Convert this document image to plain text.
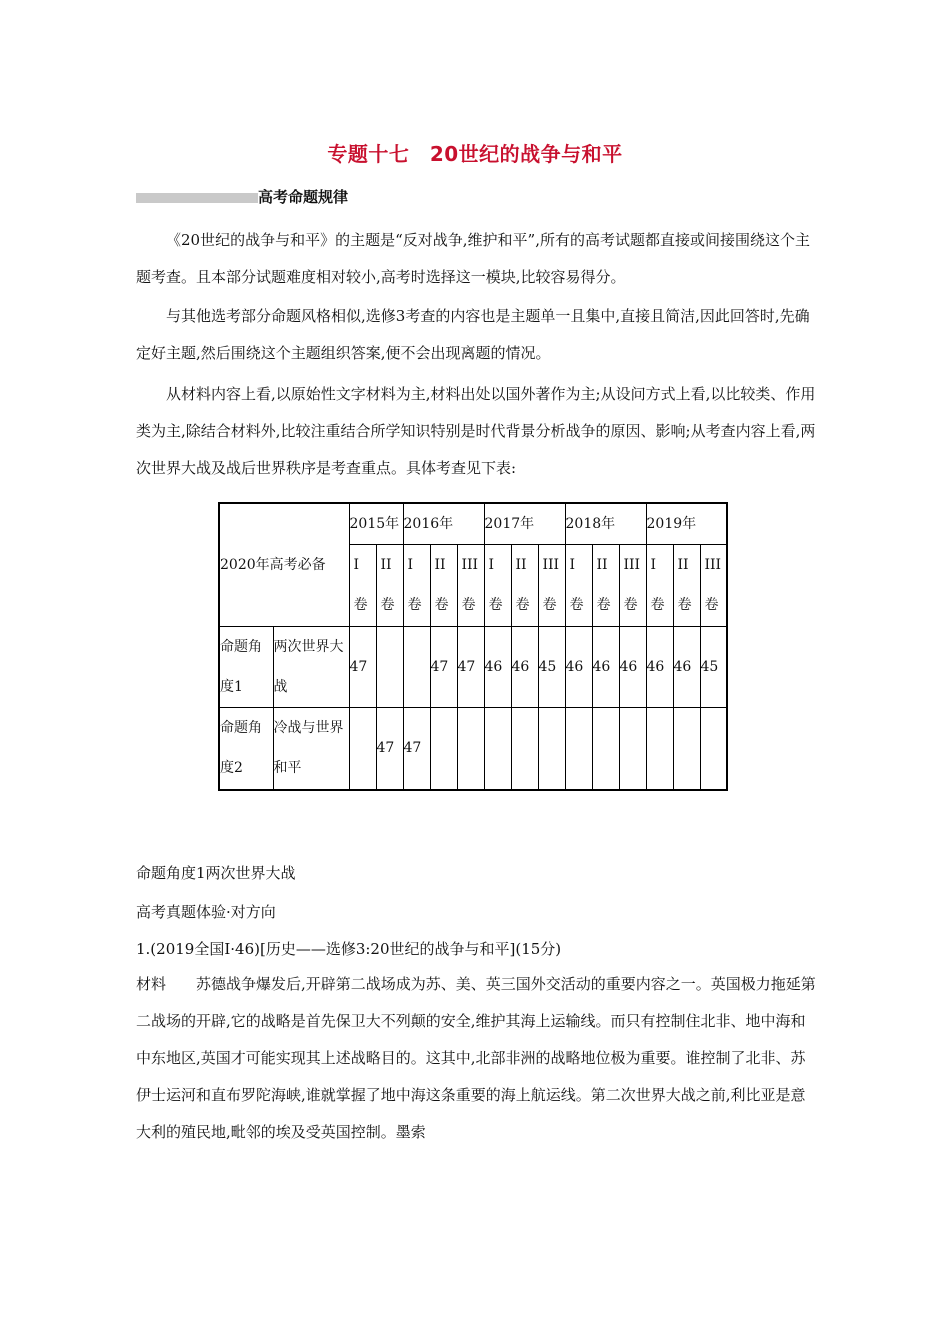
专题十七　20世纪的战争与和平
高考命题规律
《20世纪的战争与和平》的主题是“反对战争,维护和平”,所有的高考试题都直接或间接围绕这个主题考查。且本部分试题难度相对较小,高考时选择这一模块,比较容易得分。
与其他选考部分命题风格相似,选修3考查的内容也是主题单一且集中,直接且简洁,因此回答时,先确定好主题,然后围绕这个主题组织答案,便不会出现离题的情况。
从材料内容上看,以原始性文字材料为主,材料出处以国外著作为主;从设问方式上看,以比较类、作用类为主,除结合材料外,比较注重结合所学知识特别是时代背景分析战争的原因、影响;从考查内容上看,两次世界大战及战后世界秩序是考查重点。具体考查见下表:
2020年高考必备		2015年		2016年			2017年			2018年			2019年		

		I卷	II卷	I卷	II卷	III卷	I卷	II卷	III卷	I卷	II卷	III卷	I卷	II卷	III卷

命题角度1	两次世界大战	47			47	47	46	46	45	46	46	46	46	46	45
命题角度2	冷战与世界和平		47	47											
命题角度1两次世界大战
高考真题体验·对方向
1.(2019全国Ⅰ·46)[历史——选修3:20世纪的战争与和平](15分)
材料 苏德战争爆发后,开辟第二战场成为苏、美、英三国外交活动的重要内容之一。英国极力拖延第二战场的开辟,它的战略是首先保卫大不列颠的安全,维护其海上运输线。而只有控制住北非、地中海和中东地区,英国才可能实现其上述战略目的。这其中,北部非洲的战略地位极为重要。谁控制了北非、苏伊士运河和直布罗陀海峡,谁就掌握了地中海这条重要的海上航运线。第二次世界大战之前,利比亚是意大利的殖民地,毗邻的埃及受英国控制。墨索
